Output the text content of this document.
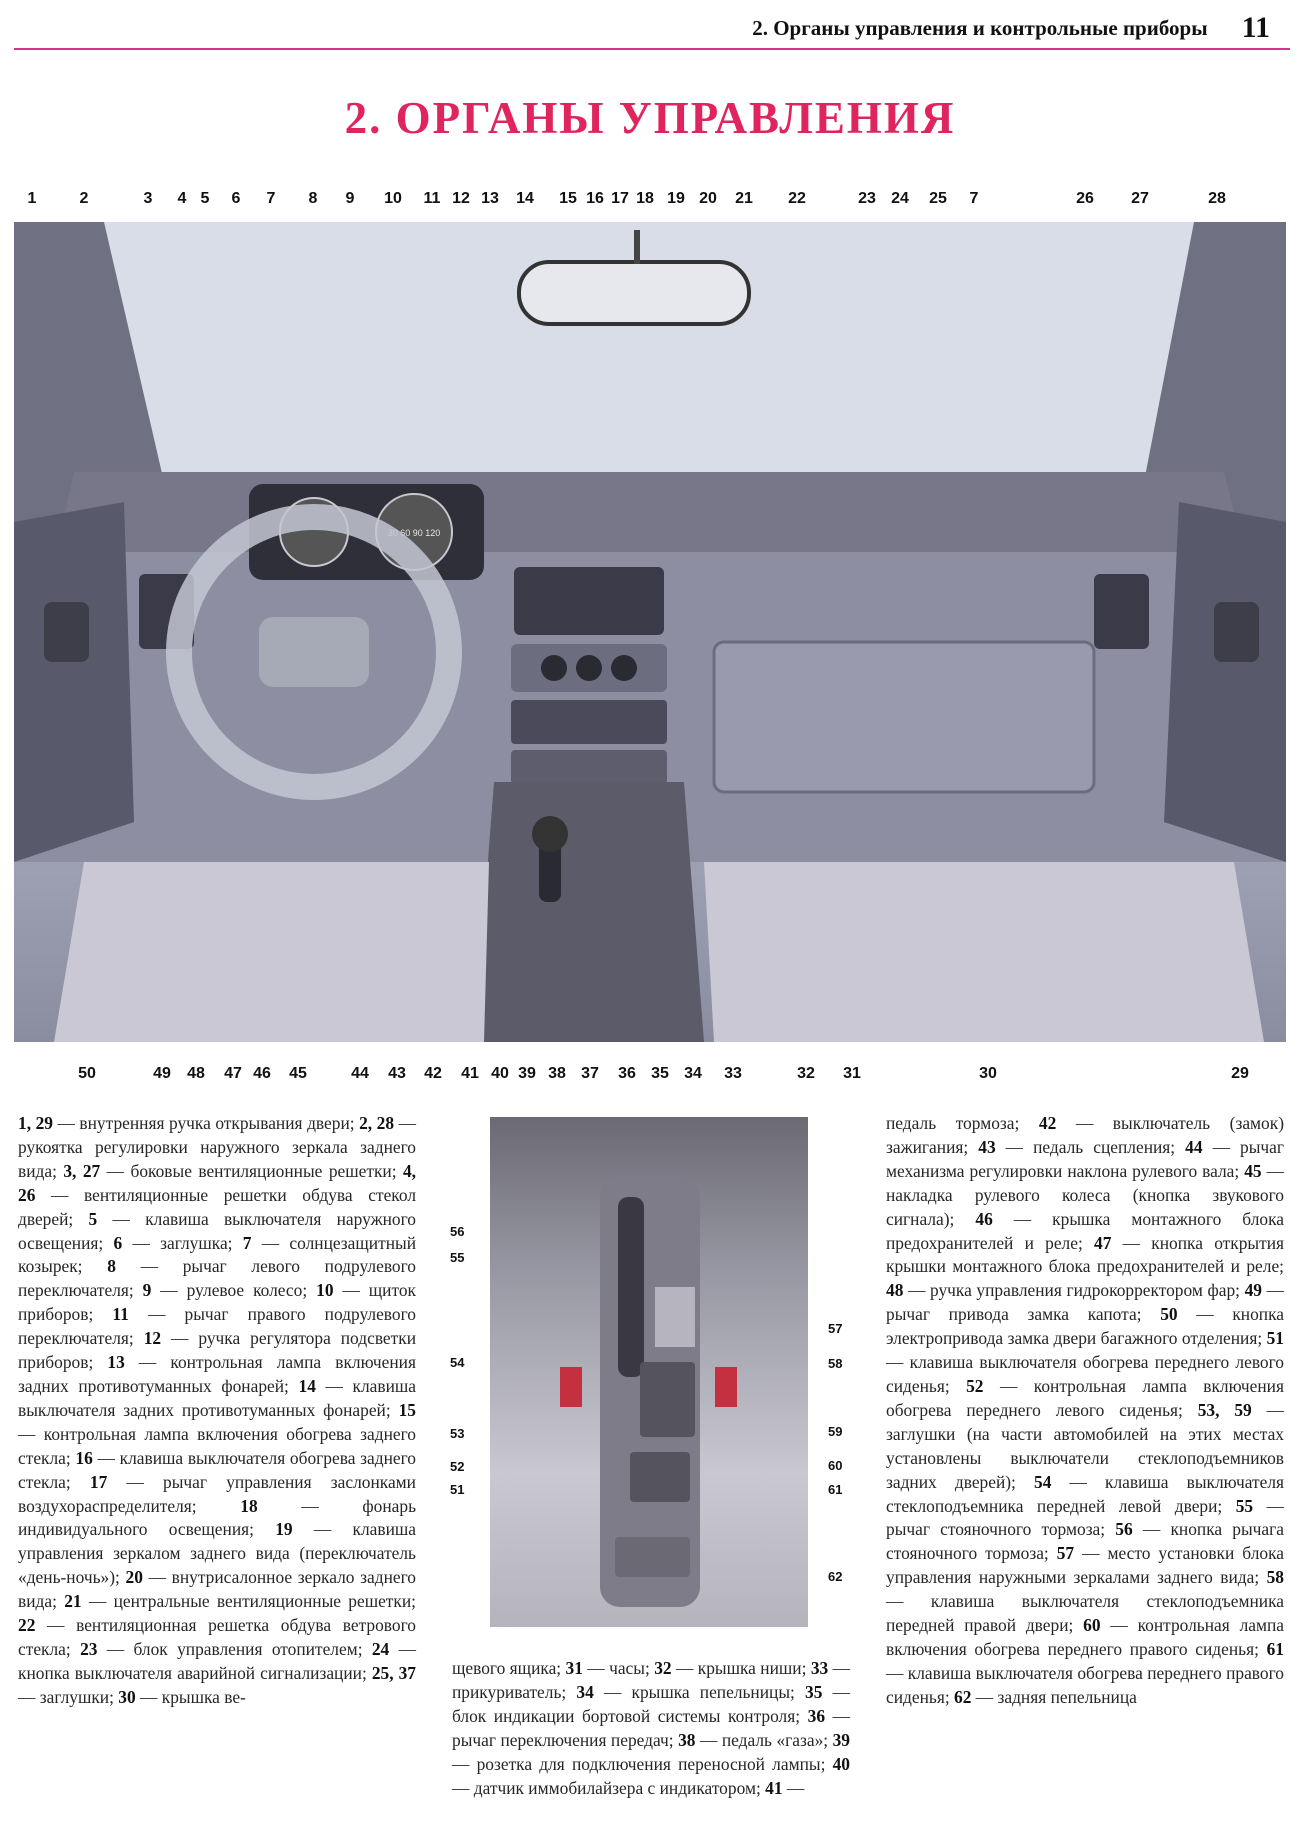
2. Органы управления и контрольные приборы 11
2. ОРГАНЫ УПРАВЛЕНИЯ
1	2	3 4 5 6 7 8 9 10 11 12 13 14 15 16 17 18 19 20 21 22	23 24 25 7	26 27	28
30 60 90 120
50	49 48 47 46 45	44 43 42 41 40 39 38 37 36 35 34 33	32 31	30	29
1, 29 — внутренняя ручка открывания двери; 2, 28 — рукоятка регулировки наружного зеркала заднего вида; 3, 27 — боковые вентиляционные решетки; 4, 26 — вентиляционные решетки обдува стекол дверей; 5 — клавиша выключателя наружного освещения; 6 — заглушка; 7 — солнцезащитный козырек; 8 — рычаг левого подрулевого переключателя; 9 — рулевое колесо; 10 — щиток приборов; 11 — рычаг правого подрулевого переключателя; 12 — ручка регулятора подсветки приборов; 13 — контрольная лампа включения задних противотуманных фонарей; 14 — клавиша выключателя задних противотуманных фонарей; 15 — контрольная лампа включения обогрева заднего стекла; 16 — клавиша выключателя обогрева заднего стекла; 17 — рычаг управления заслонками воздухораспределителя; 18 — фонарь индивидуального освещения; 19 — клавиша управления зеркалом заднего вида (переключатель «день-ночь»); 20 — внутрисалонное зеркало заднего вида; 21 — центральные вентиляционные решетки; 22 — вентиляционная решетка обдува ветрового стекла; 23 — блок управления отопителем; 24 — кнопка выключателя аварийной сигнализации; 25, 37 — заглушки; 30 — крышка ве-
56
55
54
53
52
51
57
58
59
60
61
62
щевого ящика; 31 — часы; 32 — крышка ниши; 33 — прикуриватель; 34 — крышка пепельницы; 35 — блок индикации бортовой системы контроля; 36 — рычаг переключения передач; 38 — педаль «газа»; 39 — розетка для подключения переносной лампы; 40 — датчик иммобилайзера с индикатором; 41 —
педаль тормоза; 42 — выключатель (замок) зажигания; 43 — педаль сцепления; 44 — рычаг механизма регулировки наклона рулевого вала; 45 — накладка рулевого колеса (кнопка звукового сигнала); 46 — крышка монтажного блока предохранителей и реле; 47 — кнопка открытия крышки монтажного блока предохранителей и реле; 48 — ручка управления гидрокорректором фар; 49 — рычаг привода замка капота; 50 — кнопка электропривода замка двери багажного отделения; 51 — клавиша выключателя обогрева переднего левого сиденья; 52 — контрольная лампа включения обогрева переднего левого сиденья; 53, 59 — заглушки (на части автомобилей на этих местах установлены выключатели стеклоподъемников задних дверей); 54 — клавиша выключателя стеклоподъемника передней левой двери; 55 — рычаг стояночного тормоза; 56 — кнопка рычага стояночного тормоза; 57 — место установки блока управления наружными зеркалами заднего вида; 58 — клавиша выключателя стеклоподъемника передней правой двери; 60 — контрольная лампа включения обогрева переднего правого сиденья; 61 — клавиша выключателя обогрева переднего правого сиденья; 62 — задняя пепельница
